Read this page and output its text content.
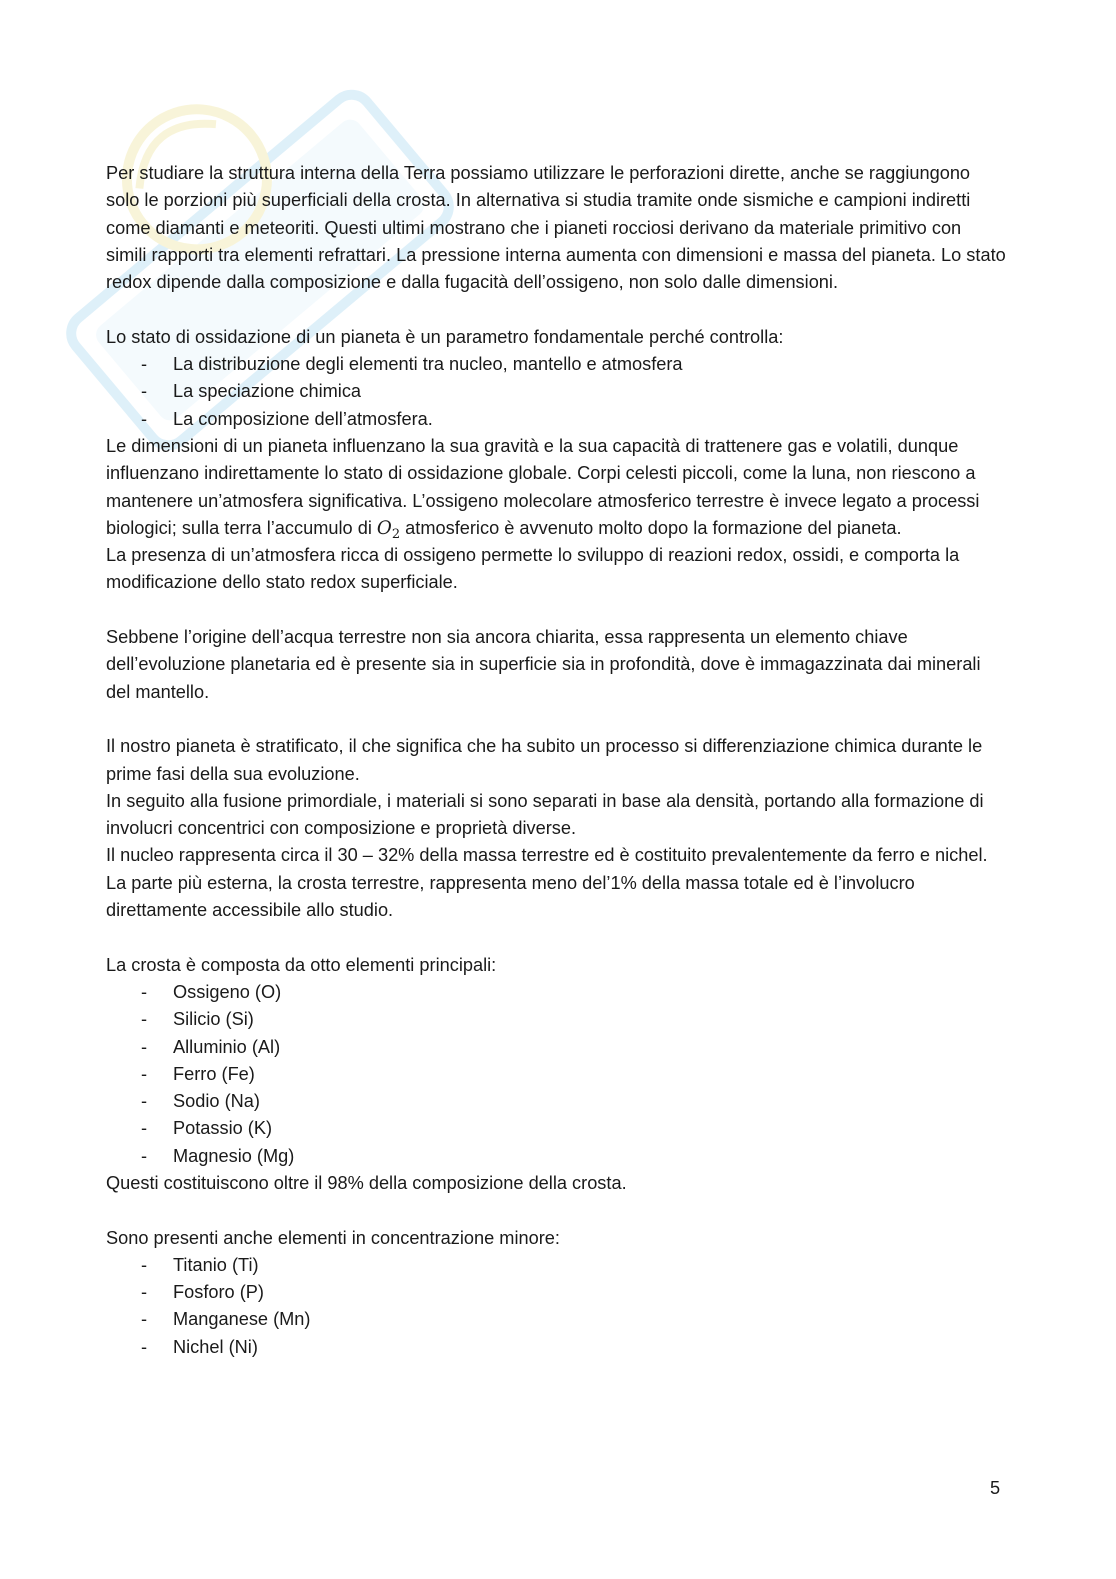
Per studiare la struttura interna della Terra possiamo utilizzare le perforazioni dirette, anche se raggiungono solo le porzioni più superficiali della crosta. In alternativa si studia tramite onde sismiche e campioni indiretti come diamanti e meteoriti. Questi ultimi mostrano che i pianeti rocciosi derivano da materiale primitivo con simili rapporti tra elementi refrattari. La pressione interna aumenta con dimensioni e massa del pianeta. Lo stato redox dipende dalla composizione e dalla fugacità dell’ossigeno, non solo dalle dimensioni.

Lo stato di ossidazione di un pianeta è un parametro fondamentale perché controlla:

- La distribuzione degli elementi tra nucleo, mantello e atmosfera
- La speciazione chimica
- La composizione dell’atmosfera.

Le dimensioni di un pianeta influenzano la sua gravità e la sua capacità di trattenere gas e volatili, dunque influenzano indirettamente lo stato di ossidazione globale. Corpi celesti piccoli, come la luna, non riescono a mantenere un’atmosfera significativa. L’ossigeno molecolare atmosferico terrestre è invece legato a processi biologici; sulla terra l’accumulo di $O_2$ atmosferico è avvenuto molto dopo la formazione del pianeta.

La presenza di un’atmosfera ricca di ossigeno permette lo sviluppo di reazioni redox, ossidi, e comporta la modificazione dello stato redox superficiale.

Sebbene l’origine dell’acqua terrestre non sia ancora chiarita, essa rappresenta un elemento chiave dell’evoluzione planetaria ed è presente sia in superficie sia in profondità, dove è immagazzinata dai minerali del mantello.

Il nostro pianeta è stratificato, il che significa che ha subito un processo si differenziazione chimica durante le prime fasi della sua evoluzione.

In seguito alla fusione primordiale, i materiali si sono separati in base ala densità, portando alla formazione di involucri concentrici con composizione e proprietà diverse.

Il nucleo rappresenta circa il 30 – 32% della massa terrestre ed è costituito prevalentemente da ferro e nichel.

La parte più esterna, la crosta terrestre, rappresenta meno del’1% della massa totale ed è l’involucro direttamente accessibile allo studio.

La crosta è composta da otto elementi principali:

- Ossigeno (O)
- Silicio (Si)
- Alluminio (Al)
- Ferro (Fe)
- Sodio (Na)
- Potassio (K)
- Magnesio (Mg)

Questi costituiscono oltre il 98% della composizione della crosta.

Sono presenti anche elementi in concentrazione minore:

- Titanio (Ti)
- Fosforo (P)
- Manganese (Mn)
- Nichel (Ni)
5
